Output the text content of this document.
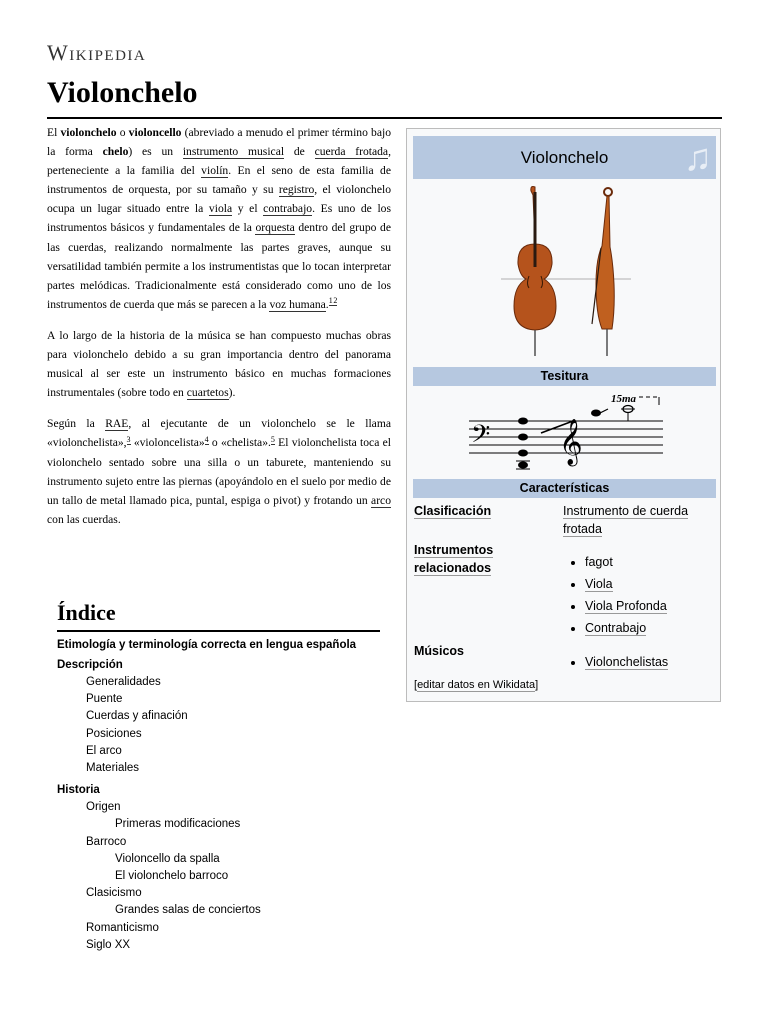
Wikipedia
Violonchelo

El violonchelo o violoncello (abreviado a menudo el primer término bajo la forma chelo) es un instrumento musical de cuerda frotada, perteneciente a la familia del violín. En el seno de esta familia de instrumentos de orquesta, por su tamaño y su registro, el violonchelo ocupa un lugar situado entre la viola y el contrabajo. Es uno de los instrumentos básicos y fundamentales de la orquesta dentro del grupo de las cuerdas, realizando normalmente las partes graves, aunque su versatilidad también permite a los instrumentistas que lo tocan interpretar partes melódicas. Tradicionalmente está considerado como uno de los instrumentos de cuerda que más se parecen a la voz humana.$^{1 2}$

A lo largo de la historia de la música se han compuesto muchas obras para violonchelo debido a su gran importancia dentro del panorama musical al ser este un instrumento básico en muchas formaciones instrumentales (sobre todo en cuartetos).

Según la RAE, al ejecutante de un violonchelo se le llama «violonchelista»,$^3$ «violoncelista»$^4$ o «chelista».$^5$ El violonchelista toca el violonchelo sentado sobre una silla o un taburete, manteniendo su instrumento sujeto entre las piernas (apoyándolo en el suelo por medio de un tallo de metal llamado pica, puntal, espiga o pivot) y frotando un arco con las cuerdas.

Índice
Etimología y terminología correcta en lengua española
Descripción
Generalidades
Puente
Cuerdas y afinación
Posiciones
El arco
Materiales
Historia
Origen
Primeras modificaciones
Barroco
Violoncello da spalla
El violonchelo barroco
Clasicismo
Grandes salas de conciertos
Romanticismo
Siglo XX
Violonchelo ♫
Tesitura
𝄢 𝄞
15ma
Características
Clasificación	Instrumento de cuerda frotada
Instrumentos relacionados
•	fagot
• Viola
• Viola Profonda
• Contrabajo
Músicos
• Violonchelistas
[editar datos en Wikidata]
